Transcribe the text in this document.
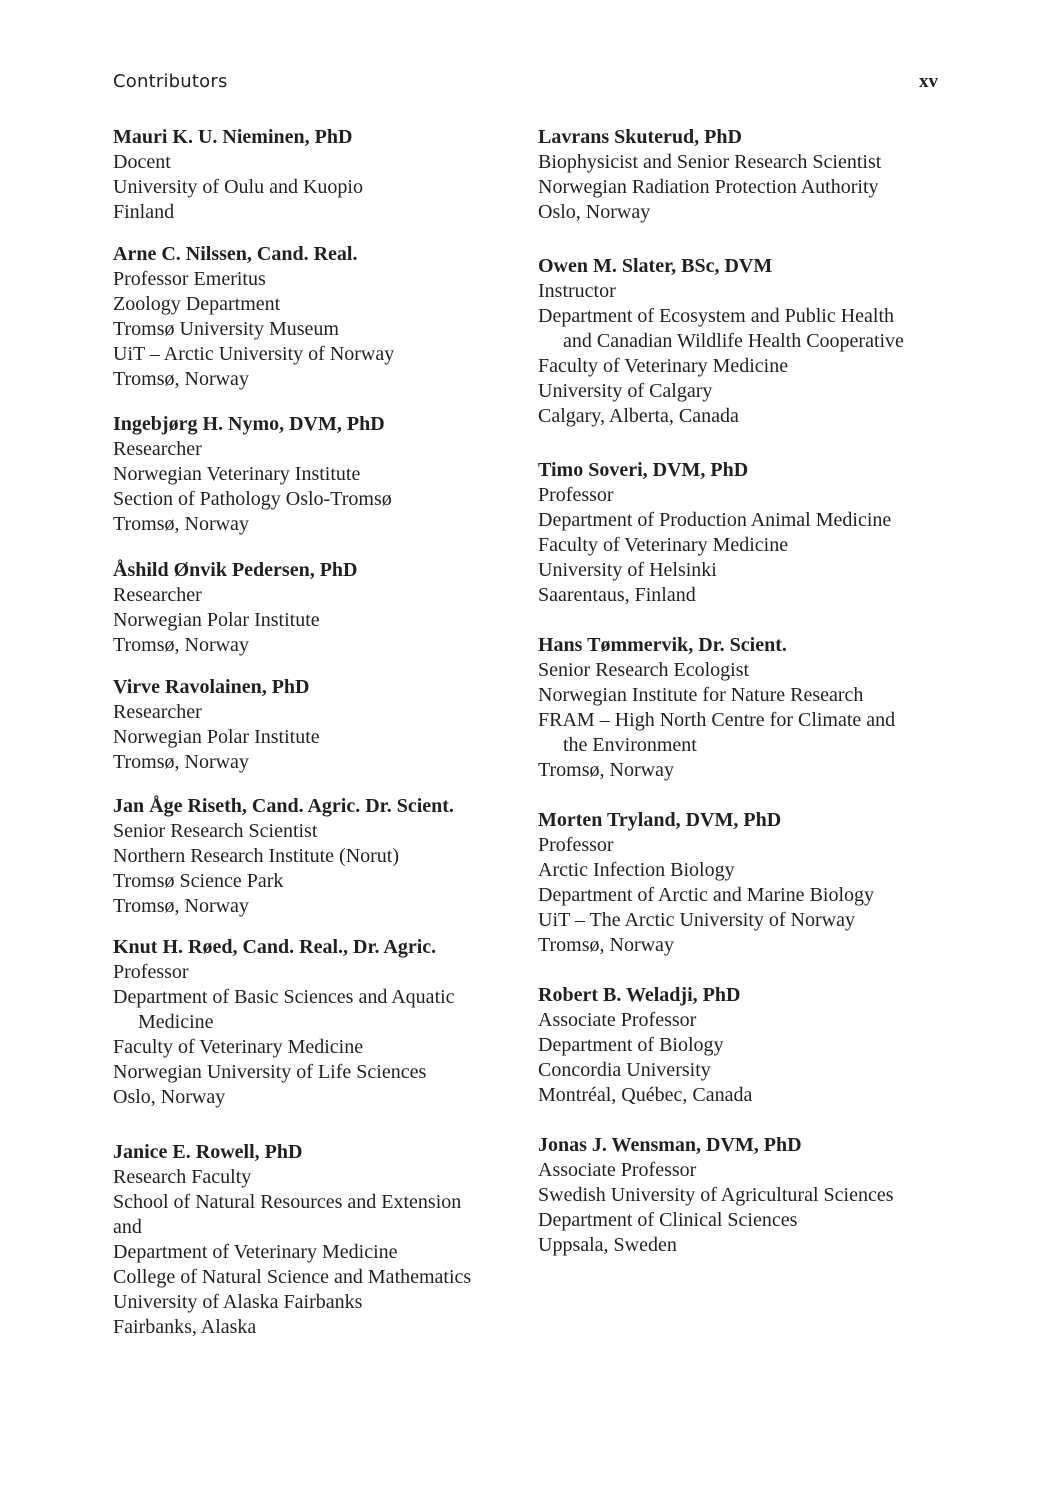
Contributors	xv
Mauri K. U. Nieminen, PhD
Docent
University of Oulu and Kuopio
Finland
Arne C. Nilssen, Cand. Real.
Professor Emeritus
Zoology Department
Tromsø University Museum
UiT – Arctic University of Norway
Tromsø, Norway
Ingebjørg H. Nymo, DVM, PhD
Researcher
Norwegian Veterinary Institute
Section of Pathology Oslo-Tromsø
Tromsø, Norway
Åshild Ønvik Pedersen, PhD
Researcher
Norwegian Polar Institute
Tromsø, Norway
Virve Ravolainen, PhD
Researcher
Norwegian Polar Institute
Tromsø, Norway
Jan Åge Riseth, Cand. Agric. Dr. Scient.
Senior Research Scientist
Northern Research Institute (Norut)
Tromsø Science Park
Tromsø, Norway
Knut H. Røed, Cand. Real., Dr. Agric.
Professor
Department of Basic Sciences and Aquatic
Medicine
Faculty of Veterinary Medicine
Norwegian University of Life Sciences
Oslo, Norway
Janice E. Rowell, PhD
Research Faculty
School of Natural Resources and Extension
and
Department of Veterinary Medicine
College of Natural Science and Mathematics
University of Alaska Fairbanks
Fairbanks, Alaska
Lavrans Skuterud, PhD
Biophysicist and Senior Research Scientist
Norwegian Radiation Protection Authority
Oslo, Norway
Owen M. Slater, BSc, DVM
Instructor
Department of Ecosystem and Public Health
and Canadian Wildlife Health Cooperative
Faculty of Veterinary Medicine
University of Calgary
Calgary, Alberta, Canada
Timo Soveri, DVM, PhD
Professor
Department of Production Animal Medicine
Faculty of Veterinary Medicine
University of Helsinki
Saarentaus, Finland
Hans Tømmervik, Dr. Scient.
Senior Research Ecologist
Norwegian Institute for Nature Research
FRAM – High North Centre for Climate and
the Environment
Tromsø, Norway
Morten Tryland, DVM, PhD
Professor
Arctic Infection Biology
Department of Arctic and Marine Biology
UiT – The Arctic University of Norway
Tromsø, Norway
Robert B. Weladji, PhD
Associate Professor
Department of Biology
Concordia University
Montréal, Québec, Canada
Jonas J. Wensman, DVM, PhD
Associate Professor
Swedish University of Agricultural Sciences
Department of Clinical Sciences
Uppsala, Sweden
